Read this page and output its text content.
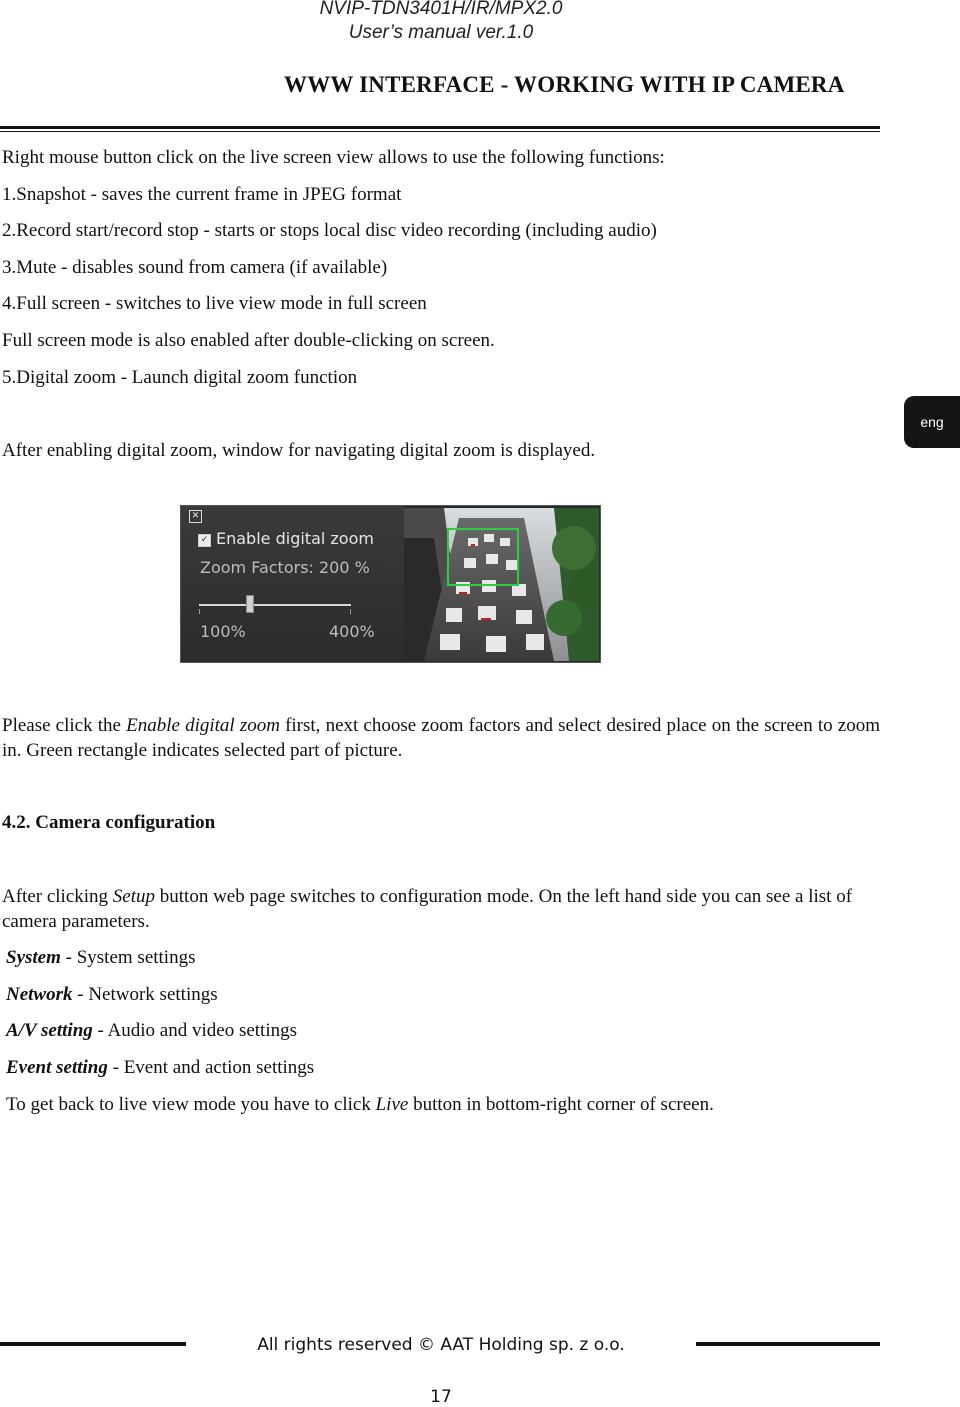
NVIP-TDN3401H/IR/MPX2.0
User’s manual ver.1.0
WWW INTERFACE - WORKING WITH IP CAMERA
Right mouse button click on the live screen view allows to use the following functions:
1.Snapshot - saves the current frame in JPEG format
2.Record start/record stop - starts or stops local disc video recording (including audio)
3.Mute - disables sound from camera (if available)
4.Full screen - switches to live view mode in full screen
Full screen mode is also enabled after double-clicking on screen.
5.Digital zoom - Launch digital zoom function
After enabling digital zoom, window for navigating digital zoom is displayed.
eng
✕
✓ Enable digital zoom
Zoom Factors: 200 %
100%	400%
Please click the Enable digital zoom first, next choose zoom factors and select desired place on the screen to zoom in. Green rectangle indicates selected part of picture.
4.2. Camera configuration
After clicking Setup button web page switches to configuration mode. On the left hand side you can see a list of camera parameters.
System - System settings
Network - Network settings
A/V setting - Audio and video settings
Event setting - Event and action settings
To get back to live view mode you have to click Live button in bottom-right corner of screen.
All rights reserved © AAT Holding sp. z o.o.
17
